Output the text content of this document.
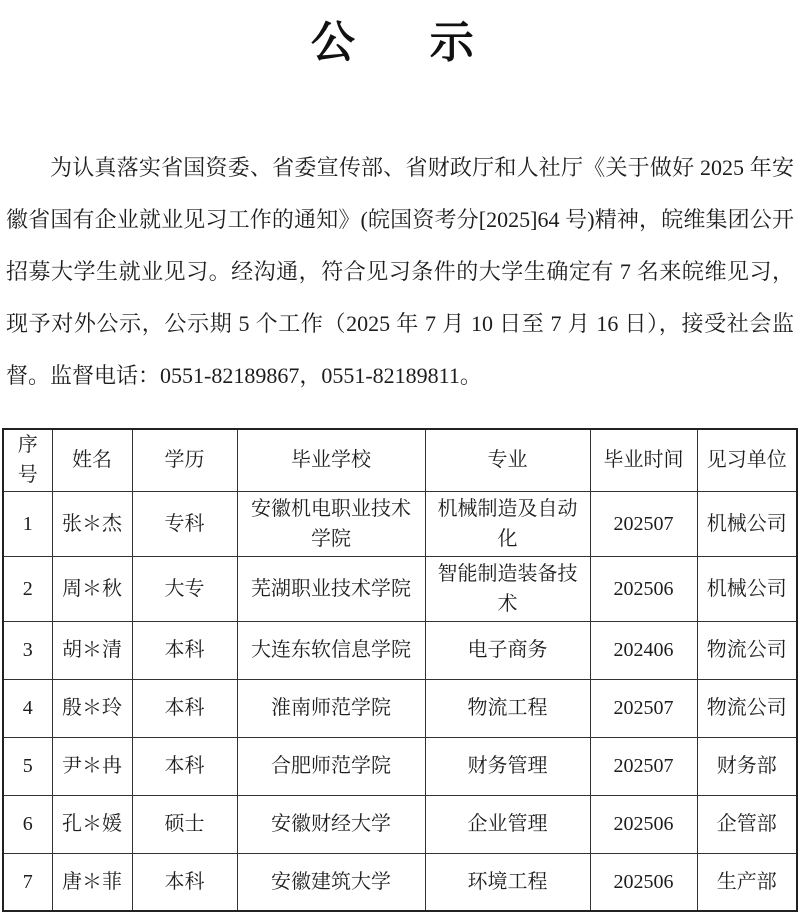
公　示

为认真落实省国资委、省委宣传部、省财政厅和人社厅《关于做好 2025 年安徽省国有企业就业见习工作的通知》(皖国资考分[2025]64 号)精神，皖维集团公开招募大学生就业见习。经沟通，符合见习条件的大学生确定有 7 名来皖维见习，现予对外公示，公示期 5 个工作（2025 年 7 月 10 日至 7 月 16 日），接受社会监督。监督电话：0551-82189867，0551-82189811。

序号	姓名	学历	毕业学校	专业	毕业时间	见习单位
1	张＊杰	专科	安徽机电职业技术学院	机械制造及自动化	202507	机械公司
2	周＊秋	大专	芜湖职业技术学院	智能制造装备技术	202506	机械公司
3	胡＊清	本科	大连东软信息学院	电子商务	202406	物流公司
4	殷＊玲	本科	淮南师范学院	物流工程	202507	物流公司
5	尹＊冉	本科	合肥师范学院	财务管理	202507	财务部
6	孔＊媛	硕士	安徽财经大学	企业管理	202506	企管部
7	唐＊菲	本科	安徽建筑大学	环境工程	202506	生产部
